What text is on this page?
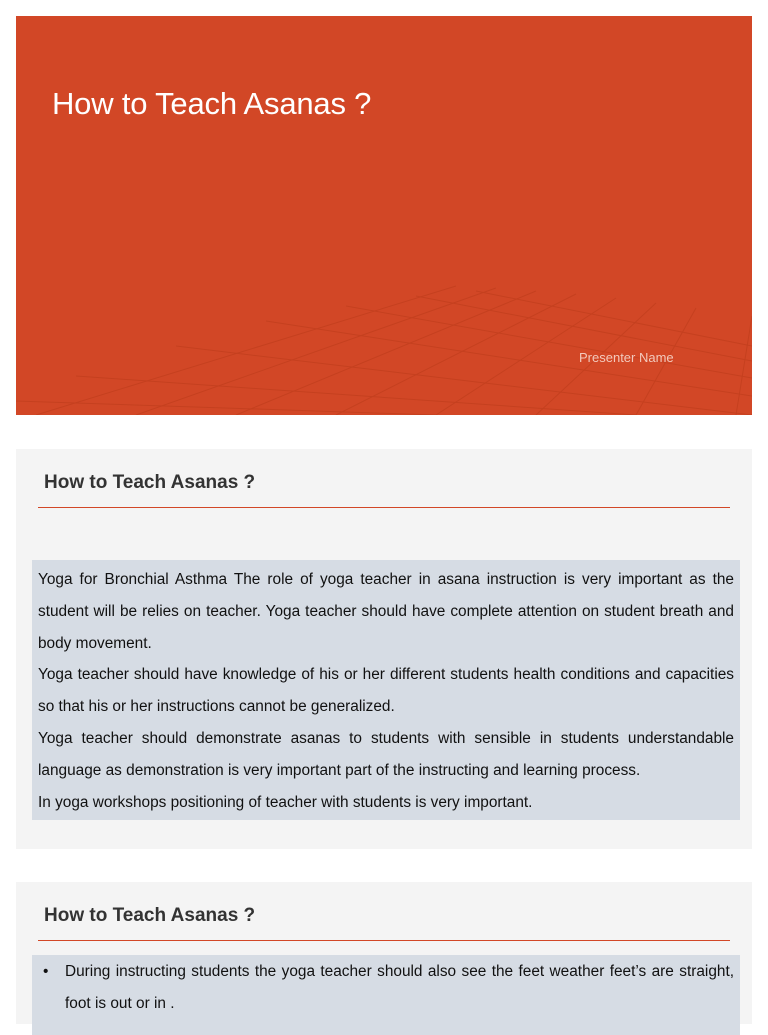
How to Teach Asanas ?
Presenter Name
How to Teach Asanas ?

Yoga for Bronchial Asthma The role of yoga teacher in asana instruction is very important as the student will be relies on teacher. Yoga teacher should have complete attention on student breath and body movement.

Yoga teacher should have knowledge of his or her different students health conditions and capacities so that his or her instructions cannot be generalized.

Yoga teacher should demonstrate asanas to students with sensible in students understandable language as demonstration is very important part of the instructing and learning process.

In yoga workshops positioning of teacher with students is very important.

How to Teach Asanas ?
• During instructing students the yoga teacher should also see the feet weather feet’s are straight, foot is out or in .
